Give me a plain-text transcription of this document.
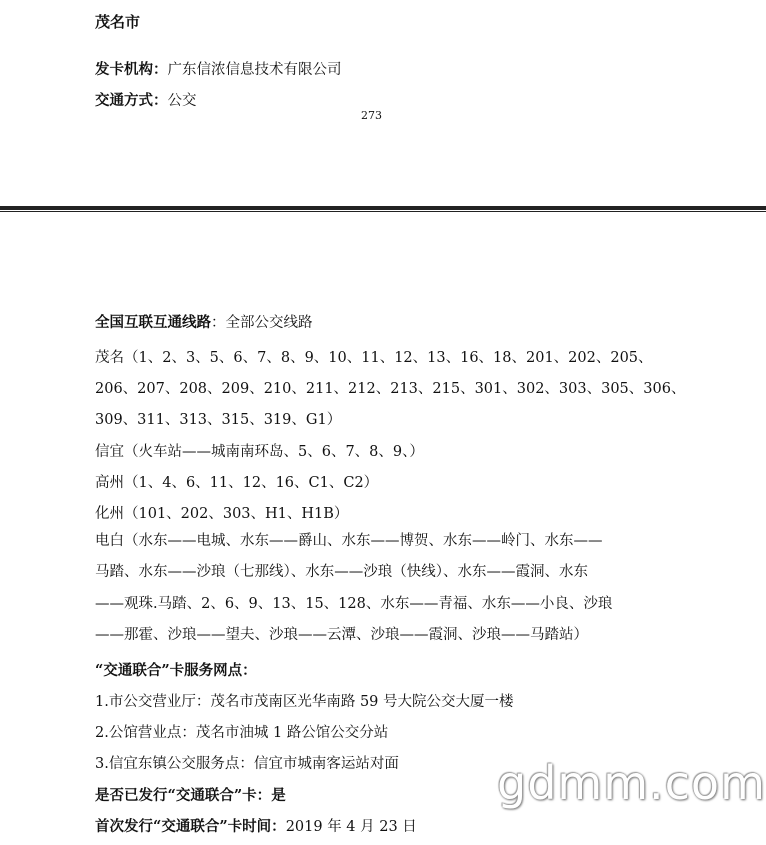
茂名市
发卡机构：广东信浓信息技术有限公司
交通方式：公交
273
全国互联互通线路：全部公交线路
茂名（1、2、3、5、6、7、8、9、10、11、12、13、16、18、201、202、205、
206、207、208、209、210、211、212、213、215、301、302、303、305、306、
309、311、313、315、319、G1）
信宜（火车站——城南南环岛、5、6、7、8、9、）
高州（1、4、6、11、12、16、C1、C2）
化州（101、202、303、H1、H1B）
电白（水东——电城、水东——爵山、水东——博贺、水东——岭门、水东——
马踏、水东——沙琅（七那线）、水东——沙琅（快线）、水东——霞洞、水东
——观珠.马踏、2、6、9、13、15、128、水东——青福、水东——小良、沙琅
——那霍、沙琅——望夫、沙琅——云潭、沙琅——霞洞、沙琅——马踏站）
“交通联合”卡服务网点：
1.市公交营业厅：茂名市茂南区光华南路 59 号大院公交大厦一楼
2.公馆营业点：茂名市油城 1 路公馆公交分站
3.信宜东镇公交服务点：信宜市城南客运站对面
是否已发行“交通联合”卡：是
首次发行“交通联合”卡时间：2019 年 4 月 23 日
gdmm.com
